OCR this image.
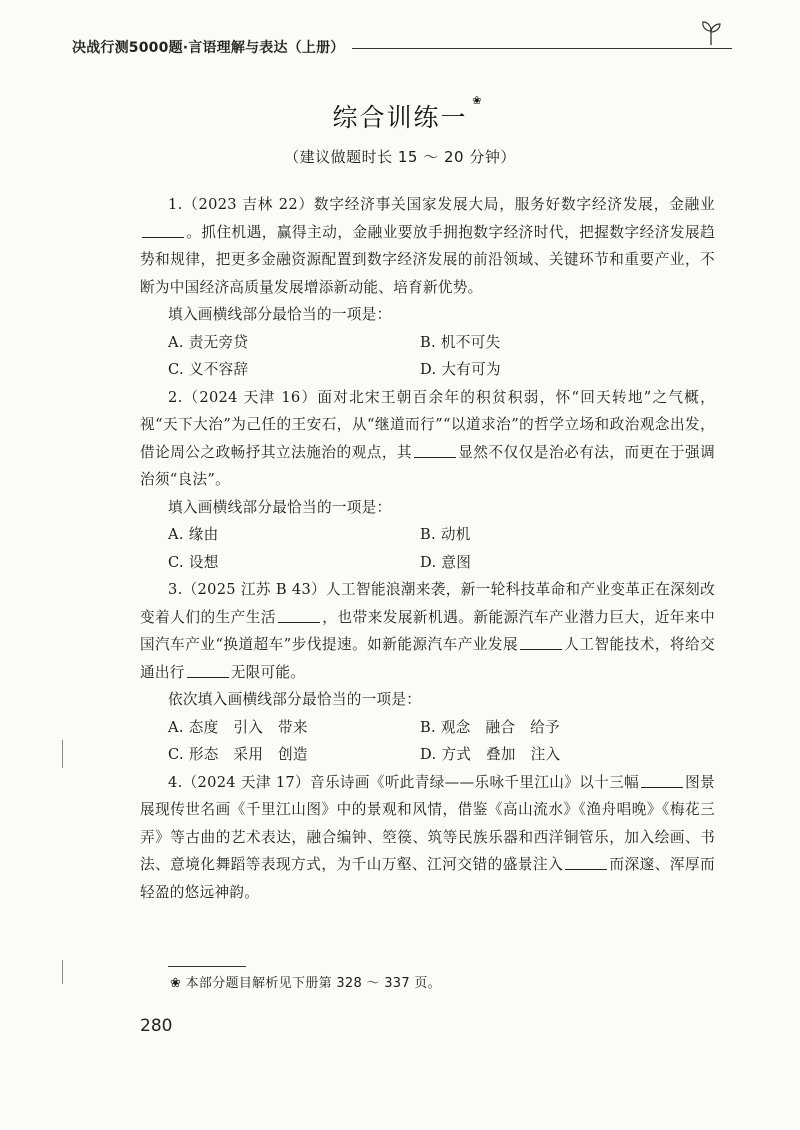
决战行测5000题·言语理解与表达（上册）
综合训练一
❀
（建议做题时长 15 ～ 20 分钟）

1.（2023 吉林 22）数字经济事关国家发展大局，服务好数字经济发展，金融业。抓住机遇，赢得主动，金融业要放手拥抱数字经济时代，把握数字经济发展趋势和规律，把更多金融资源配置到数字经济发展的前沿领域、关键环节和重要产业，不断为中国经济高质量发展增添新动能、培育新优势。

填入画横线部分最恰当的一项是：

A. 责无旁贷	B. 机不可失
C. 义不容辞	D. 大有可为

2.（2024 天津 16）面对北宋王朝百余年的积贫积弱，怀“回天转地”之气概，视“天下大治”为己任的王安石，从“继道而行”“以道求治”的哲学立场和政治观念出发，借论周公之政畅抒其立法施治的观点，其	显然不仅仅是治必有法，而更在于强调治须“良法”。

填入画横线部分最恰当的一项是：

A. 缘由	B. 动机
C. 设想	D. 意图

3.（2025 江苏 B 43）人工智能浪潮来袭，新一轮科技革命和产业变革正在深刻改变着人们的生产生活	，也带来发展新机遇。新能源汽车产业潜力巨大，近年来中国汽车产业“换道超车”步伐提速。如新能源汽车产业发展	人工智能技术，将给交通出行	无限可能。

依次填入画横线部分最恰当的一项是：

A. 态度   引入   带来	B. 观念   融合   给予
C. 形态   采用   创造	D. 方式   叠加   注入

4.（2024 天津 17）音乐诗画《听此青绿——乐咏千里江山》以十三幅	图景展现传世名画《千里江山图》中的景观和风情，借鉴《高山流水》《渔舟唱晚》《梅花三弄》等古曲的艺术表达，融合编钟、箜篌、筑等民族乐器和西洋铜管乐，加入绘画、书法、意境化舞蹈等表现方式，为千山万壑、江河交错的盛景注入	而深邃、浑厚而轻盈的悠远神韵。

❀ 本部分题目解析见下册第 328 ～ 337 页。
280
